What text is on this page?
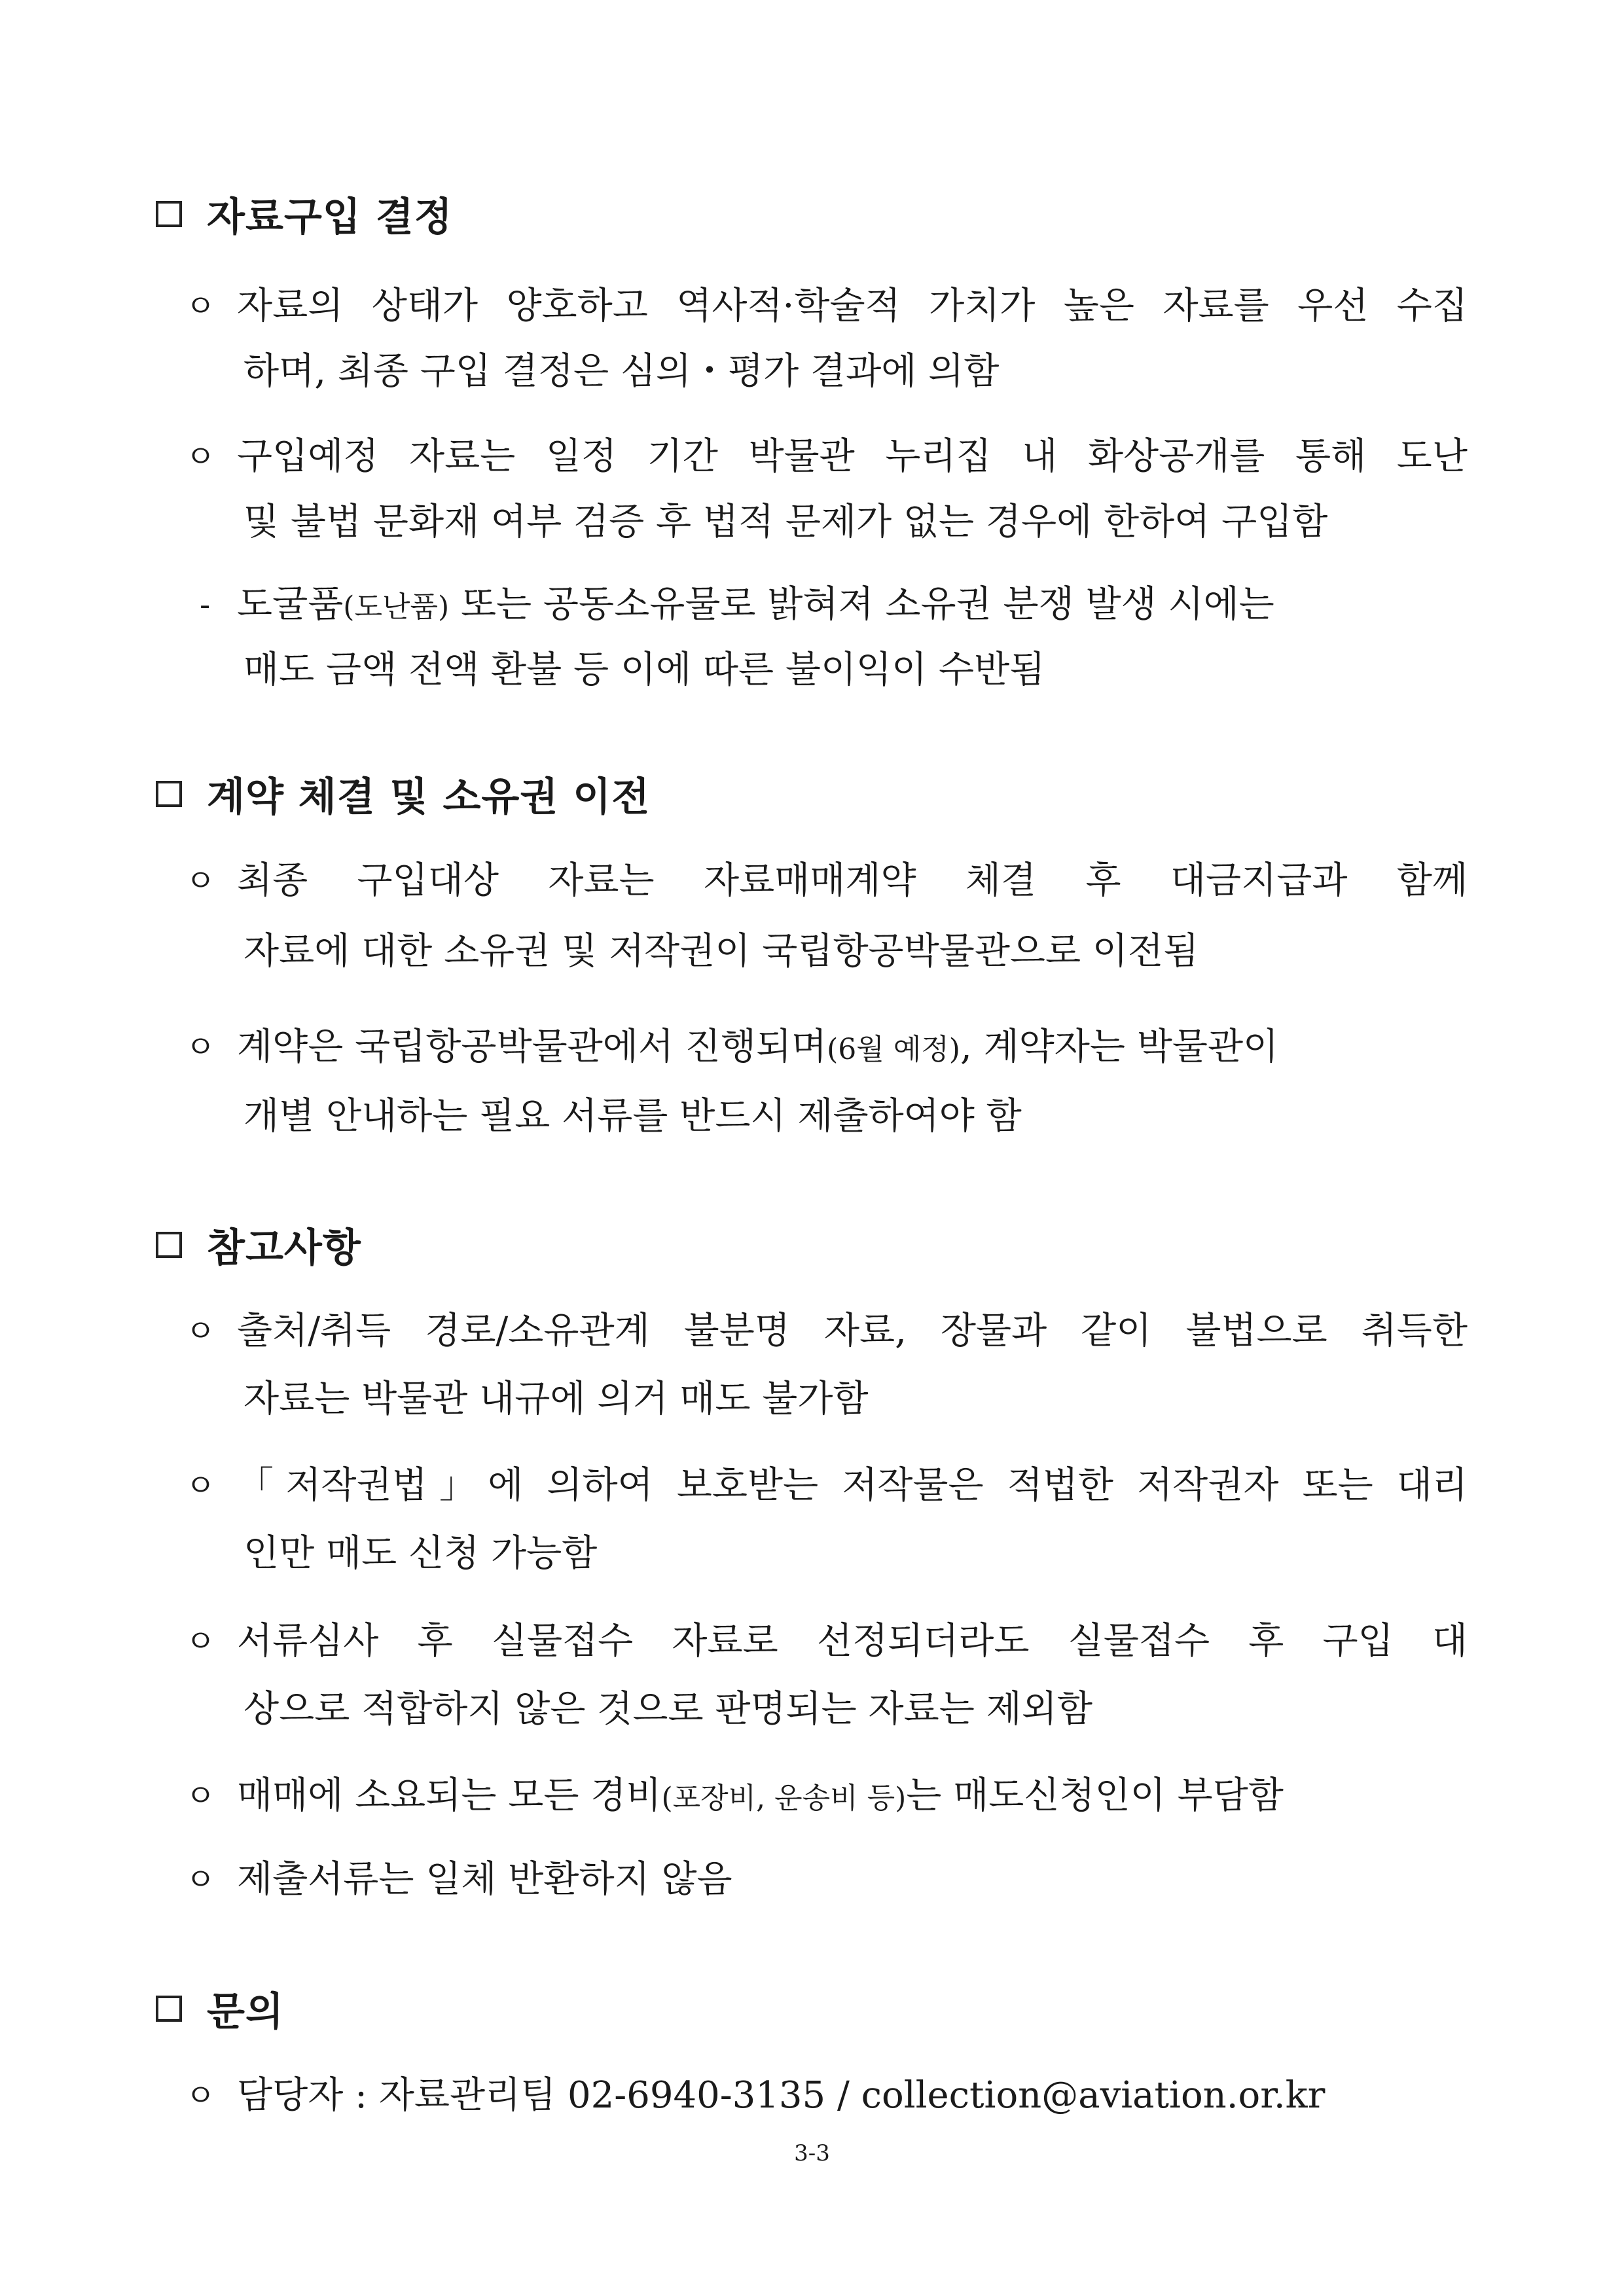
자료구입 결정
ㅇ 자료의 상태가 양호하고 역사적·학술적 가치가 높은 자료를 우선 수집
하며, 최종 구입 결정은 심의・평가 결과에 의함
ㅇ 구입예정 자료는 일정 기간 박물관 누리집 내 화상공개를 통해 도난
및 불법 문화재 여부 검증 후 법적 문제가 없는 경우에 한하여 구입함
- 도굴품(도난품) 또는 공동소유물로 밝혀져 소유권 분쟁 발생 시에는
매도 금액 전액 환불 등 이에 따른 불이익이 수반됨
계약 체결 및 소유권 이전
ㅇ 최종 구입대상 자료는 자료매매계약 체결 후 대금지급과 함께
자료에 대한 소유권 및 저작권이 국립항공박물관으로 이전됨
ㅇ 계약은 국립항공박물관에서 진행되며(6월 예정), 계약자는 박물관이
개별 안내하는 필요 서류를 반드시 제출하여야 함
참고사항
ㅇ 출처/취득 경로/소유관계 불분명 자료, 장물과 같이 불법으로 취득한
자료는 박물관 내규에 의거 매도 불가함
ㅇ 「저작권법」에 의하여 보호받는 저작물은 적법한 저작권자 또는 대리
인만 매도 신청 가능함
ㅇ 서류심사 후 실물접수 자료로 선정되더라도 실물접수 후 구입 대
상으로 적합하지 않은 것으로 판명되는 자료는 제외함
ㅇ 매매에 소요되는 모든 경비(포장비, 운송비 등)는 매도신청인이 부담함
ㅇ 제출서류는 일체 반환하지 않음
문의
ㅇ 담당자 : 자료관리팀 02-6940-3135 / collection@aviation.or.kr
3-3
